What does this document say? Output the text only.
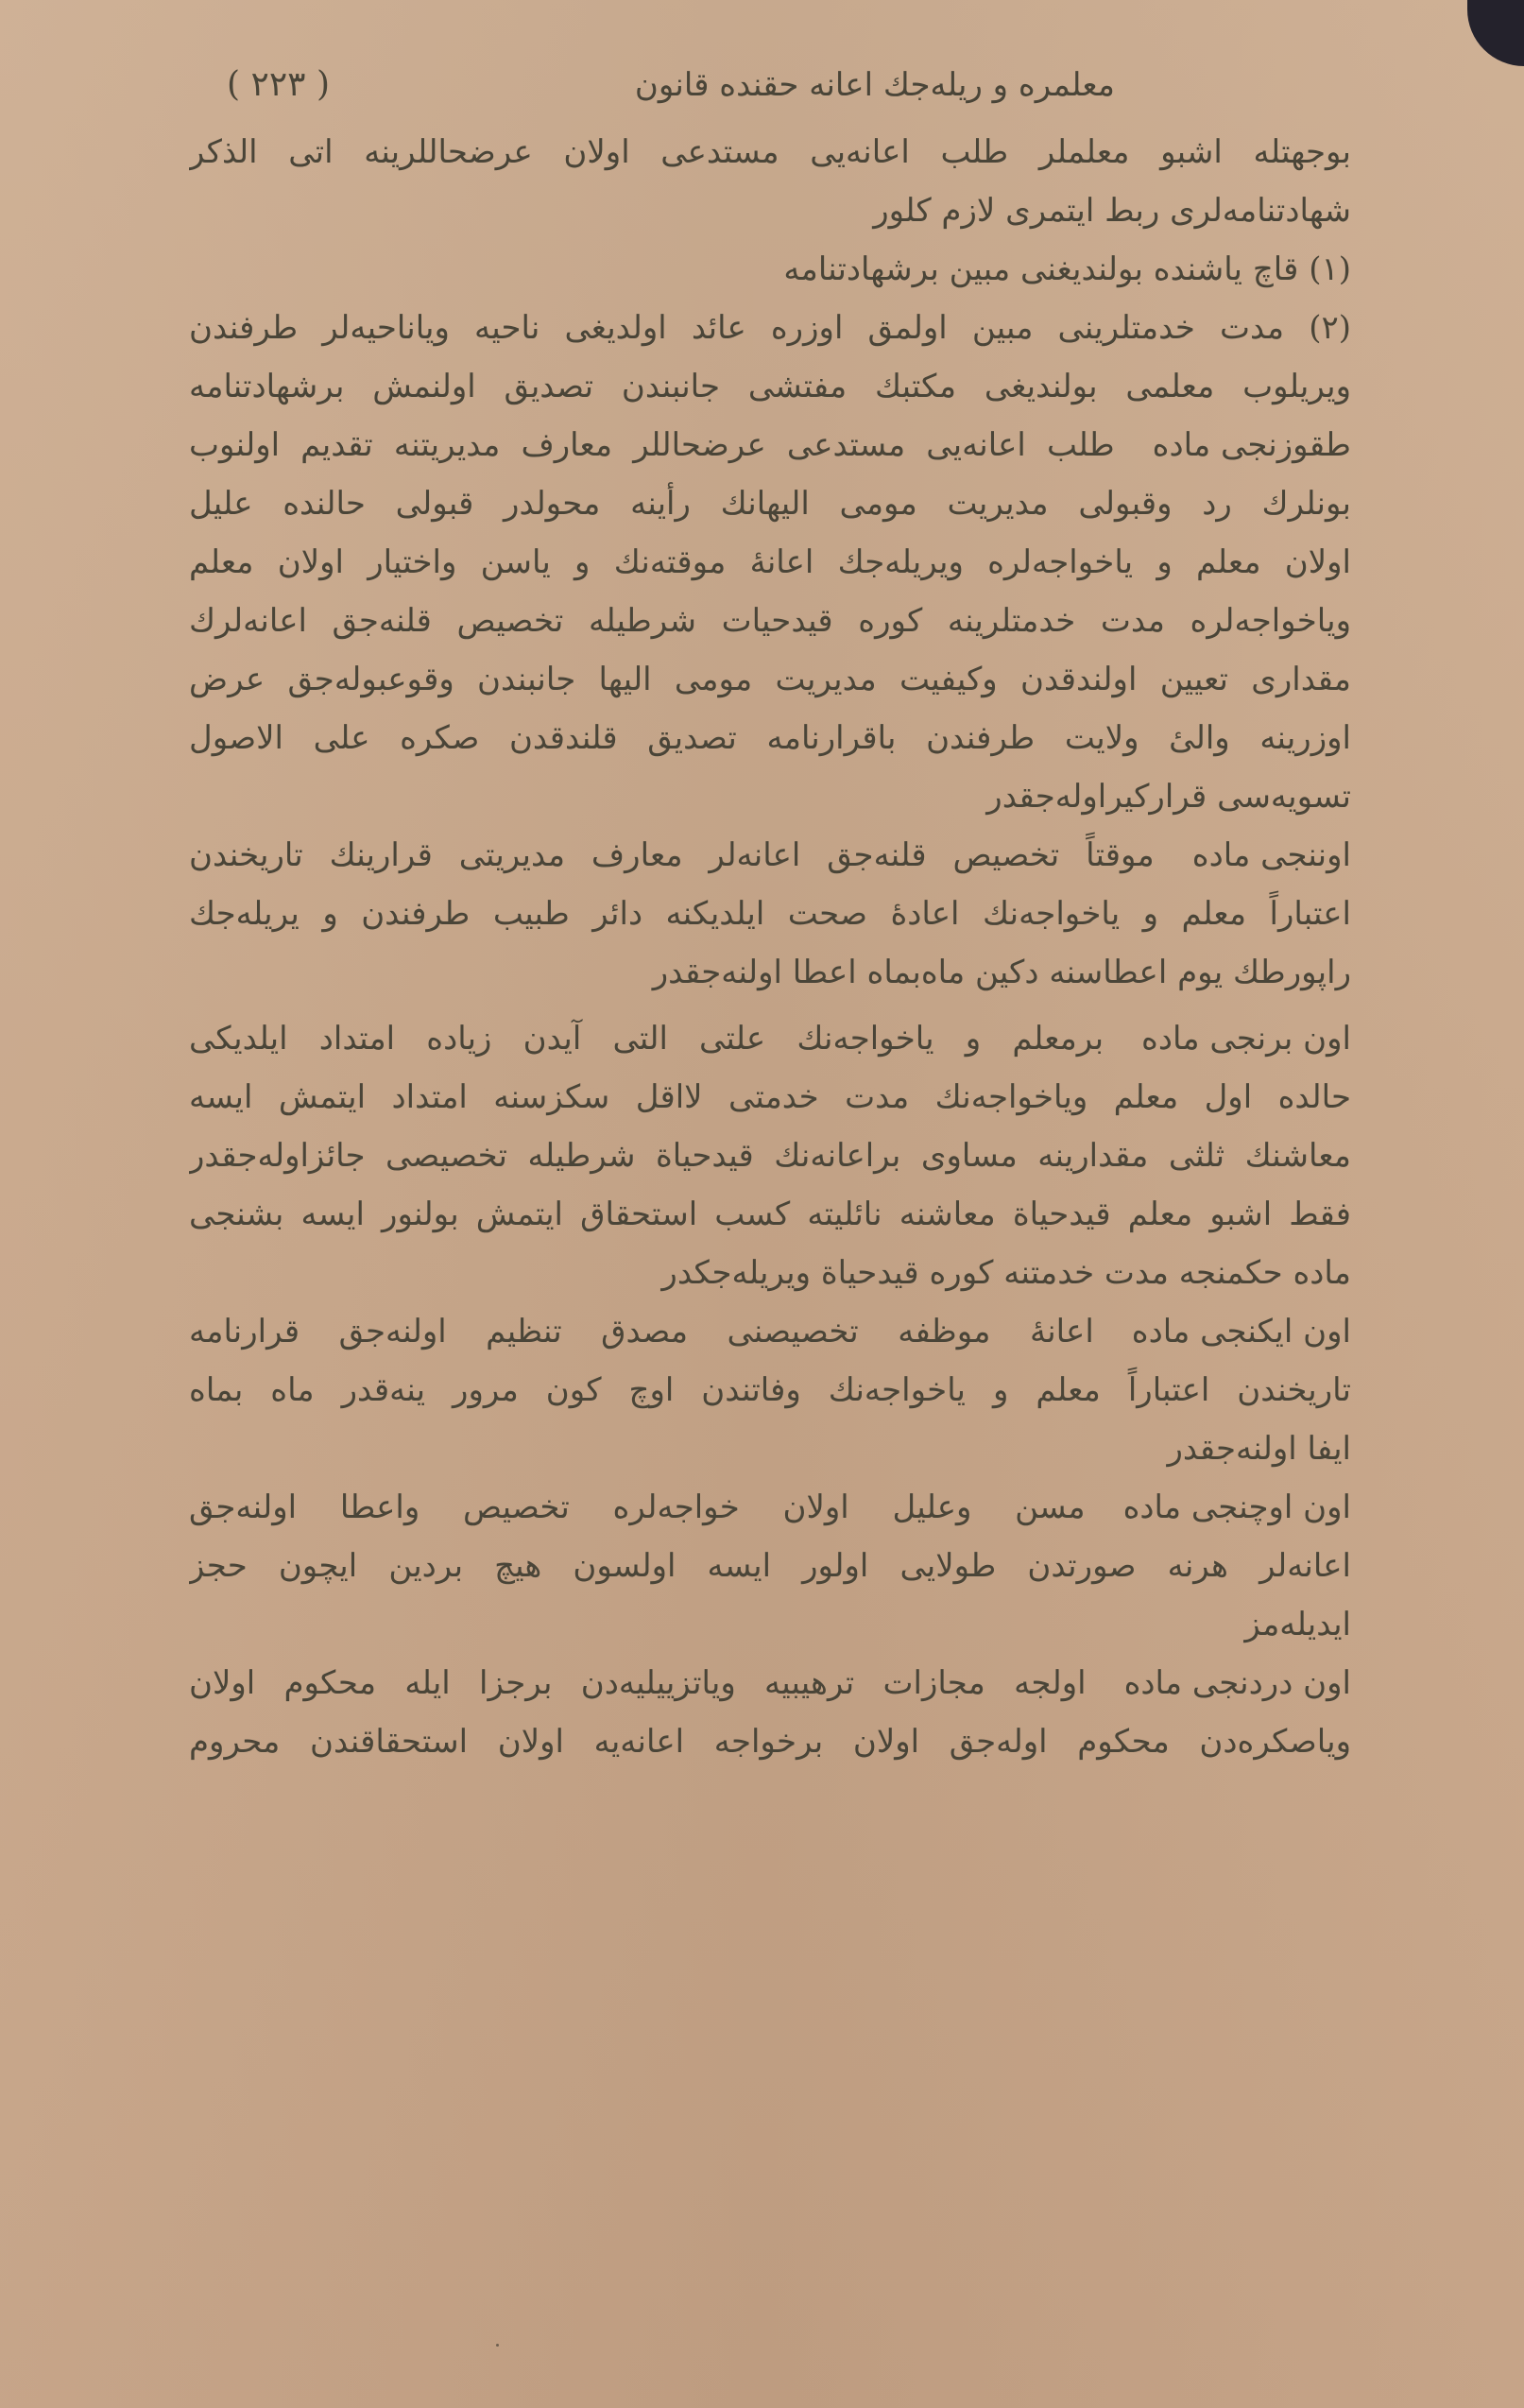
معلمره و ریله‌جك اعانه حقنده قانون
( ۲۲۳ )
بوجهتله اشبو معلملر طلب اعانه‌یی مستدعی اولان عرضحاللرینه اتی الذکر
شهادتنامه‌لری ربط ایتمری لازم کلور
(۱) قاچ یاشنده بولندیغنی مبین برشهادتنامه
(۲) مدت خدمتلرینی مبین اولمق اوزره عائد اولدیغی ناحیه ویاناحیه‌لر طرفندن
ویریلوب معلمی بولندیغی مکتبك مفتشی جانبندن تصدیق اولنمش برشهادتنامه
طقوزنجی مادهطلب اعانه‌یی مستدعی عرضحاللر معارف مدیریتنه تقدیم اولنوب
بونلرك رد وقبولی مدیریت مومی الیهانك رأینه محولدر قبولی حالنده علیل
اولان معلم و یاخواجه‌لره ویریله‌جك اعانهٔ موقته‌نك و یاسن واختیار اولان معلم
ویاخواجه‌لره مدت خدمتلرینه کوره قیدحیات شرطیله تخصیص قلنه‌جق اعانه‌لرك
مقداری تعیین اولندقدن وکیفیت مدیریت مومی الیها جانبندن وقوعبوله‌جق عرض
اوزرینه والیٔ ولایت طرفندن باقرارنامه تصدیق قلندقدن صکره علی الاصول
تسویه‌سی قرارکیراوله‌جقدر
اوننجی مادهموقتاً تخصیص قلنه‌جق اعانه‌لر معارف مدیریتی قرارینك تاریخندن
اعتباراً معلم و یاخواجه‌نك اعادهٔ صحت ایلدیکنه دائر طبیب طرفندن و یریله‌جك
راپورطك یوم اعطاسنه دکین ماه‌بماه اعطا اولنه‌جقدر
اون برنجی مادهبرمعلم و یاخواجه‌نك علتی التی آیدن زیاده امتداد ایلدیکی
حالده اول معلم ویاخواجه‌نك مدت خدمتی لااقل سکزسنه امتداد ایتمش ایسه
معاشنك ثلثی مقدارینه مساوی براعانه‌نك قیدحیاة شرطیله تخصیصی جائزاوله‌جقدر
فقط اشبو معلم قیدحیاة معاشنه نائلیته کسب استحقاق ایتمش بولنور ایسه بشنجی
ماده حکمنجه مدت خدمتنه کوره قیدحیاة ویریله‌جکدر
اون ایکنجی مادهاعانهٔ موظفه تخصیصنی مصدق تنظیم اولنه‌جق قرارنامه
تاریخندن اعتباراً معلم و یاخواجه‌نك وفاتندن اوچ کون مرور ینه‌قدر ماه بماه
ایفا اولنه‌جقدر
اون اوچنجی مادهمسن وعلیل اولان خواجه‌لره تخصیص واعطا اولنه‌جق
اعانه‌لر هرنه صورتدن طولایی اولور ایسه اولسون هیچ بردین ایچون حجز
ایدیله‌مز
اون دردنجی مادهاولجه مجازات ترهیبیه ویاتزییلیه‌دن برجزا ایله محکوم اولان
ویاصکره‌دن محکوم اوله‌جق اولان برخواجه اعانه‌یه اولان استحقاقندن محروم
